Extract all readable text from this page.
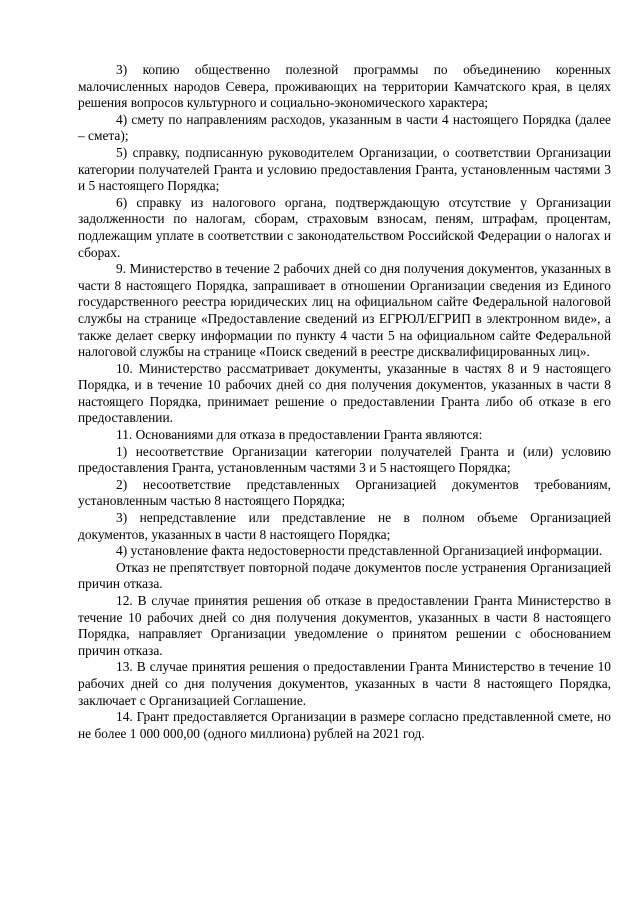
3) копию общественно полезной программы по объединению коренных малочисленных народов Севера, проживающих на территории Камчатского края, в целях решения вопросов культурного и социально-экономического характера;

4) смету по направлениям расходов, указанным в части 4 настоящего Порядка (далее – смета);

5) справку, подписанную руководителем Организации, о соответствии Организации категории получателей Гранта и условию предоставления Гранта, установленным частями 3 и 5 настоящего Порядка;

6) справку из налогового органа, подтверждающую отсутствие у Организации задолженности по налогам, сборам, страховым взносам, пеням, штрафам, процентам, подлежащим уплате в соответствии с законодательством Российской Федерации о налогах и сборах.

9. Министерство в течение 2 рабочих дней со дня получения документов, указанных в части 8 настоящего Порядка, запрашивает в отношении Организации сведения из Единого государственного реестра юридических лиц на официальном сайте Федеральной налоговой службы на странице «Предоставление сведений из ЕГРЮЛ/ЕГРИП в электронном виде», а также делает сверку информации по пункту 4 части 5 на официальном сайте Федеральной налоговой службы на странице «Поиск сведений в реестре дисквалифицированных лиц».

10. Министерство рассматривает документы, указанные в частях 8 и 9 настоящего Порядка, и в течение 10 рабочих дней со дня получения документов, указанных в части 8 настоящего Порядка, принимает решение о предоставлении Гранта либо об отказе в его предоставлении.

11. Основаниями для отказа в предоставлении Гранта являются:

1) несоответствие Организации категории получателей Гранта и (или) условию предоставления Гранта, установленным частями 3 и 5 настоящего Порядка;

2) несоответствие представленных Организацией документов требованиям, установленным частью 8 настоящего Порядка;

3) непредставление или представление не в полном объеме Организацией документов, указанных в части 8 настоящего Порядка;

4) установление факта недостоверности представленной Организацией информации.

Отказ не препятствует повторной подаче документов после устранения Организацией причин отказа.

12. В случае принятия решения об отказе в предоставлении Гранта Министерство в течение 10 рабочих дней со дня получения документов, указанных в части 8 настоящего Порядка, направляет Организации уведомление о принятом решении с обоснованием причин отказа.

13. В случае принятия решения о предоставлении Гранта Министерство в течение 10 рабочих дней со дня получения документов, указанных в части 8 настоящего Порядка, заключает с Организацией Соглашение.

14. Грант предоставляется Организации в размере согласно представленной смете, но не более 1 000 000,00 (одного миллиона) рублей на 2021 год.
